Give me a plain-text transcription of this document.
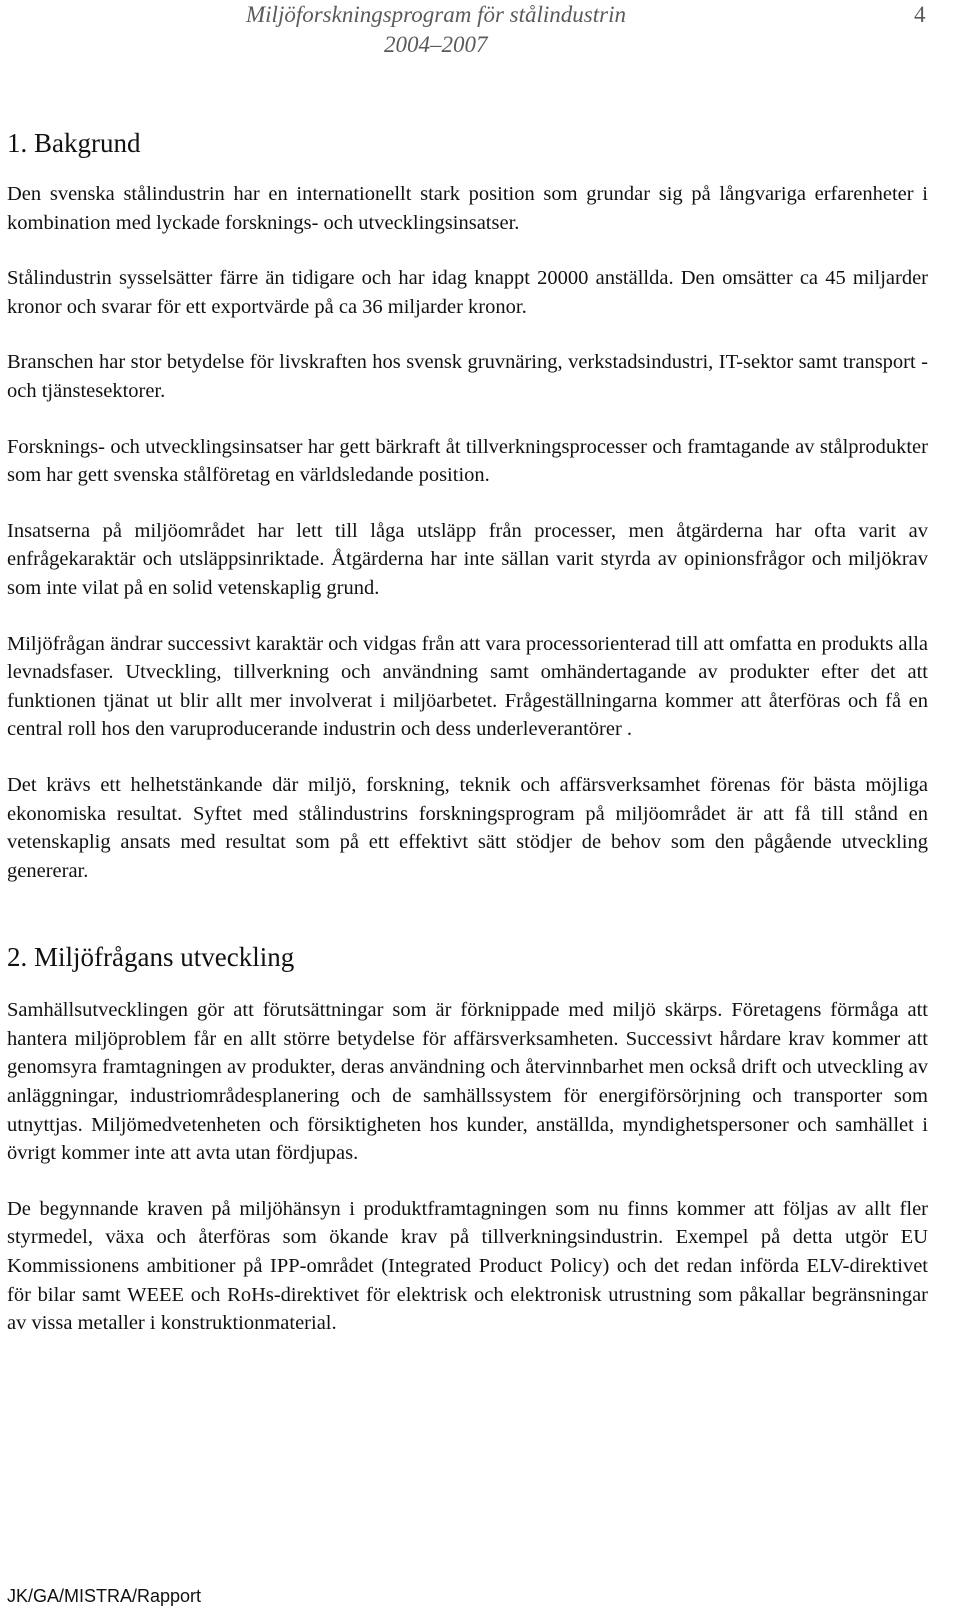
Miljöforskningsprogram för stålindustrin
2004–2007
4
1. Bakgrund

Den svenska stålindustrin har en internationellt stark position som grundar sig på långvariga erfarenheter i kombination med lyckade forsknings- och utvecklingsinsatser.

Stålindustrin sysselsätter färre än tidigare och har idag knappt 20000 anställda. Den omsätter ca 45 miljarder kronor och svarar för ett exportvärde på ca 36 miljarder kronor.

Branschen har stor betydelse för livskraften hos svensk gruvnäring, verkstadsindustri, IT-sektor samt transport -och tjänstesektorer.

Forsknings- och utvecklingsinsatser har gett bärkraft åt tillverkningsprocesser och framtagande av stålprodukter som har gett svenska stålföretag en världsledande position.

Insatserna på miljöområdet har lett till låga utsläpp från processer, men åtgärderna har ofta varit av enfrågekaraktär och utsläppsinriktade. Åtgärderna har inte sällan varit styrda av opinionsfrågor och miljökrav som inte vilat på en solid vetenskaplig grund.

Miljöfrågan ändrar successivt karaktär och vidgas från att vara processorienterad till att omfatta en produkts alla levnadsfaser. Utveckling, tillverkning och användning samt omhändertagande av produkter efter det att funktionen tjänat ut blir allt mer involverat i miljöarbetet. Frågeställningarna kommer att återföras och få en central roll hos den varuproducerande industrin och dess underleverantörer .

Det krävs ett helhetstänkande där miljö, forskning, teknik och affärsverksamhet förenas för bästa möjliga ekonomiska resultat. Syftet med stålindustrins forskningsprogram på miljöområdet är att få till stånd en vetenskaplig ansats med resultat som på ett effektivt sätt stödjer de behov som den pågående utveckling genererar.

2. Miljöfrågans utveckling

Samhällsutvecklingen gör att förutsättningar som är förknippade med miljö skärps. Företagens förmåga att hantera miljöproblem får en allt större betydelse för affärsverksamheten. Successivt hårdare krav kommer att genomsyra framtagningen av produkter, deras användning och återvinnbarhet men också drift och utveckling av anläggningar, industriområdesplanering och de samhällssystem för energiförsörjning och transporter som utnyttjas. Miljömedvetenheten och försiktigheten hos kunder, anställda, myndighetspersoner och samhället i övrigt kommer inte att avta utan fördjupas.

De begynnande kraven på miljöhänsyn i produktframtagningen som nu finns kommer att följas av allt fler styrmedel, växa och återföras som ökande krav på tillverkningsindustrin. Exempel på detta utgör EU Kommissionens ambitioner på IPP-området (Integrated Product Policy) och det redan införda ELV-direktivet för bilar samt WEEE och RoHs-direktivet för elektrisk och elektronisk utrustning som påkallar begränsningar av vissa metaller i konstruktionmaterial.

JK/GA/MISTRA/Rapport
